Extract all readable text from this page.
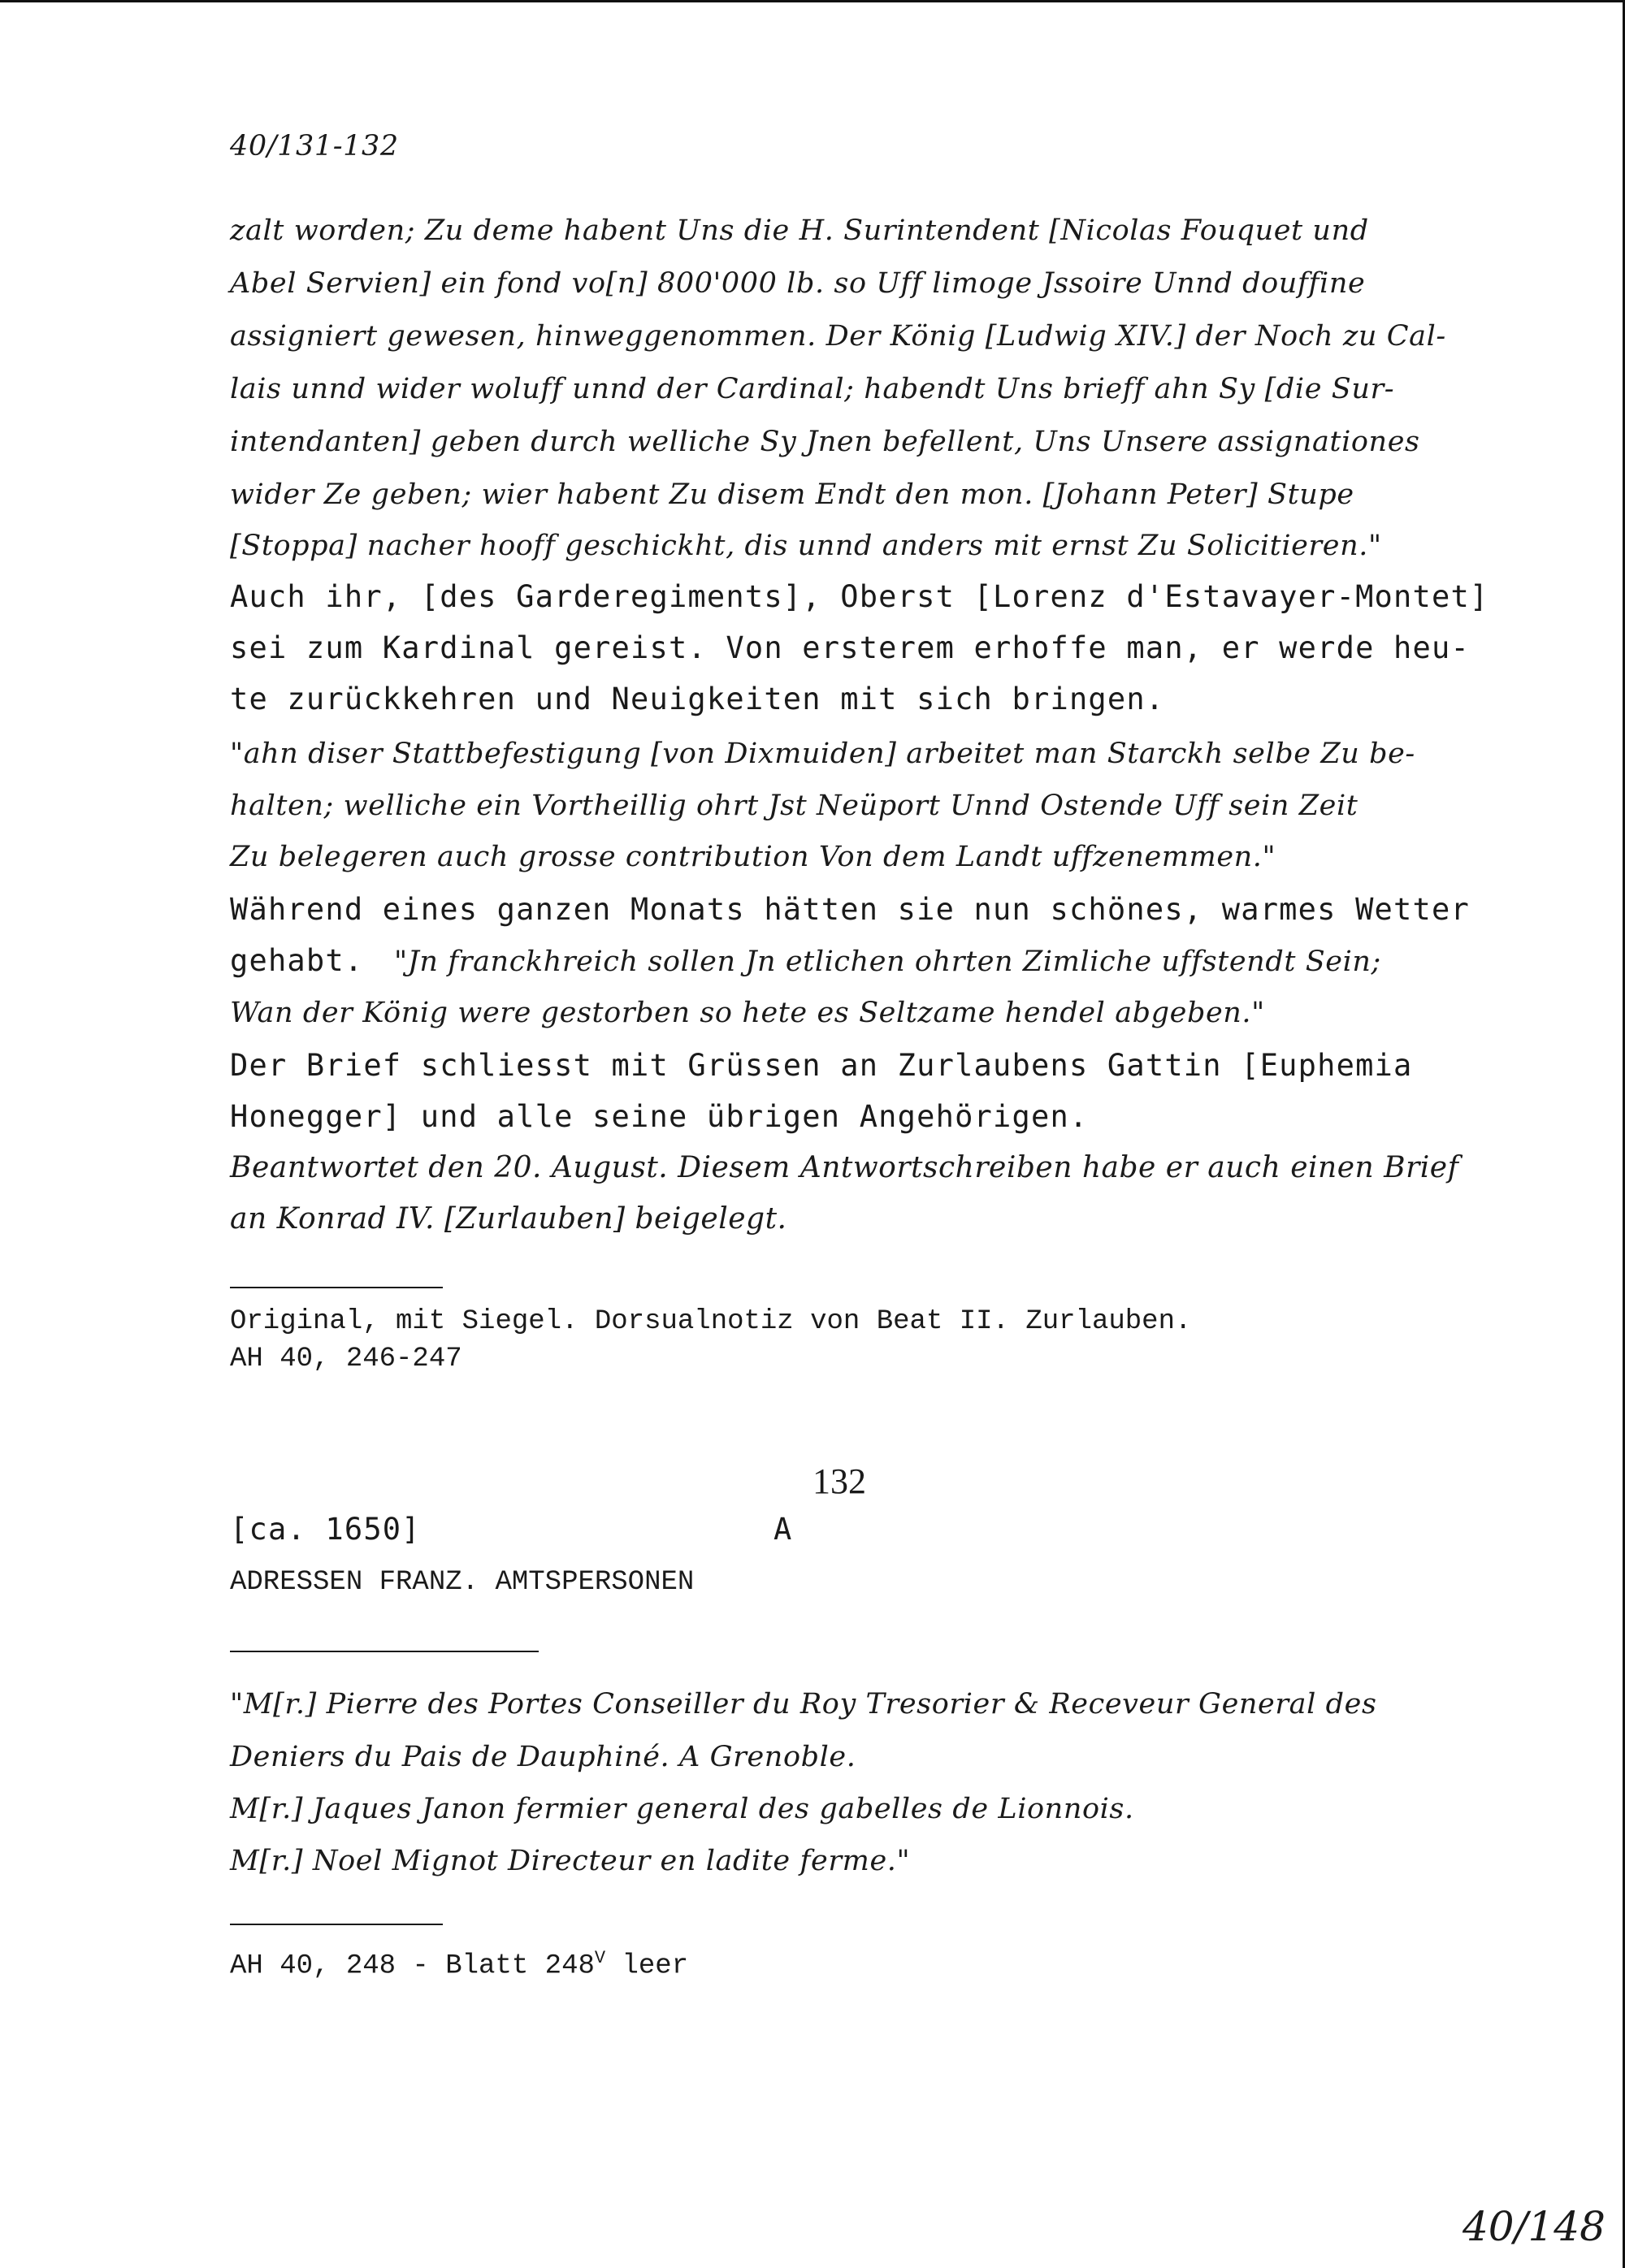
40/131-132
zalt worden; Zu deme habent Uns die H. Surintendent [Nicolas Fouquet und
Abel Servien] ein fond vo[n] 800'000 lb. so Uff limoge Jssoire Unnd douffine
assigniert gewesen, hinweggenommen. Der König [Ludwig XIV.] der Noch zu Cal-
lais unnd wider woluff unnd der Cardinal; habendt Uns brieff ahn Sy [die Sur-
intendanten] geben durch welliche Sy Jnen befellent, Uns Unsere assignationes
wider Ze geben; wier habent Zu disem Endt den mon. [Johann Peter] Stupe
[Stoppa] nacher hooff geschickht, dis unnd anders mit ernst Zu Solicitieren."
Auch ihr, [des Garderegiments], Oberst [Lorenz d'Estavayer-Montet]
sei zum Kardinal gereist. Von ersterem erhoffe man, er werde heu-
te zurückkehren und Neuigkeiten mit sich bringen.
"ahn diser Stattbefestigung [von Dixmuiden] arbeitet man Starckh selbe Zu be-
halten; welliche ein Vortheillig ohrt Jst Neüport Unnd Ostende Uff sein Zeit
Zu belegeren auch grosse contribution Von dem Landt uffzenemmen."
Während eines ganzen Monats hätten sie nun schönes, warmes Wetter
gehabt. "Jn franckhreich sollen Jn etlichen ohrten Zimliche uffstendt Sein;
Wan der König were gestorben so hete es Seltzame hendel abgeben."
Der Brief schliesst mit Grüssen an Zurlaubens Gattin [Euphemia
Honegger] und alle seine übrigen Angehörigen.
Beantwortet den 20. August. Diesem Antwortschreiben habe er auch einen Brief
an Konrad IV. [Zurlauben] beigelegt.
Original, mit Siegel. Dorsualnotiz von Beat II. Zurlauben.
AH 40, 246-247
132
[ca. 1650]	A
ADRESSEN FRANZ. AMTSPERSONEN
"M[r.] Pierre des Portes Conseiller du Roy Tresorier & Receveur General des
Deniers du Pais de Dauphiné. A Grenoble.
M[r.] Jaques Janon fermier general des gabelles de Lionnois.
M[r.] Noel Mignot Directeur en ladite ferme."
AH 40, 248 - Blatt $248^V$ leer
40/148
